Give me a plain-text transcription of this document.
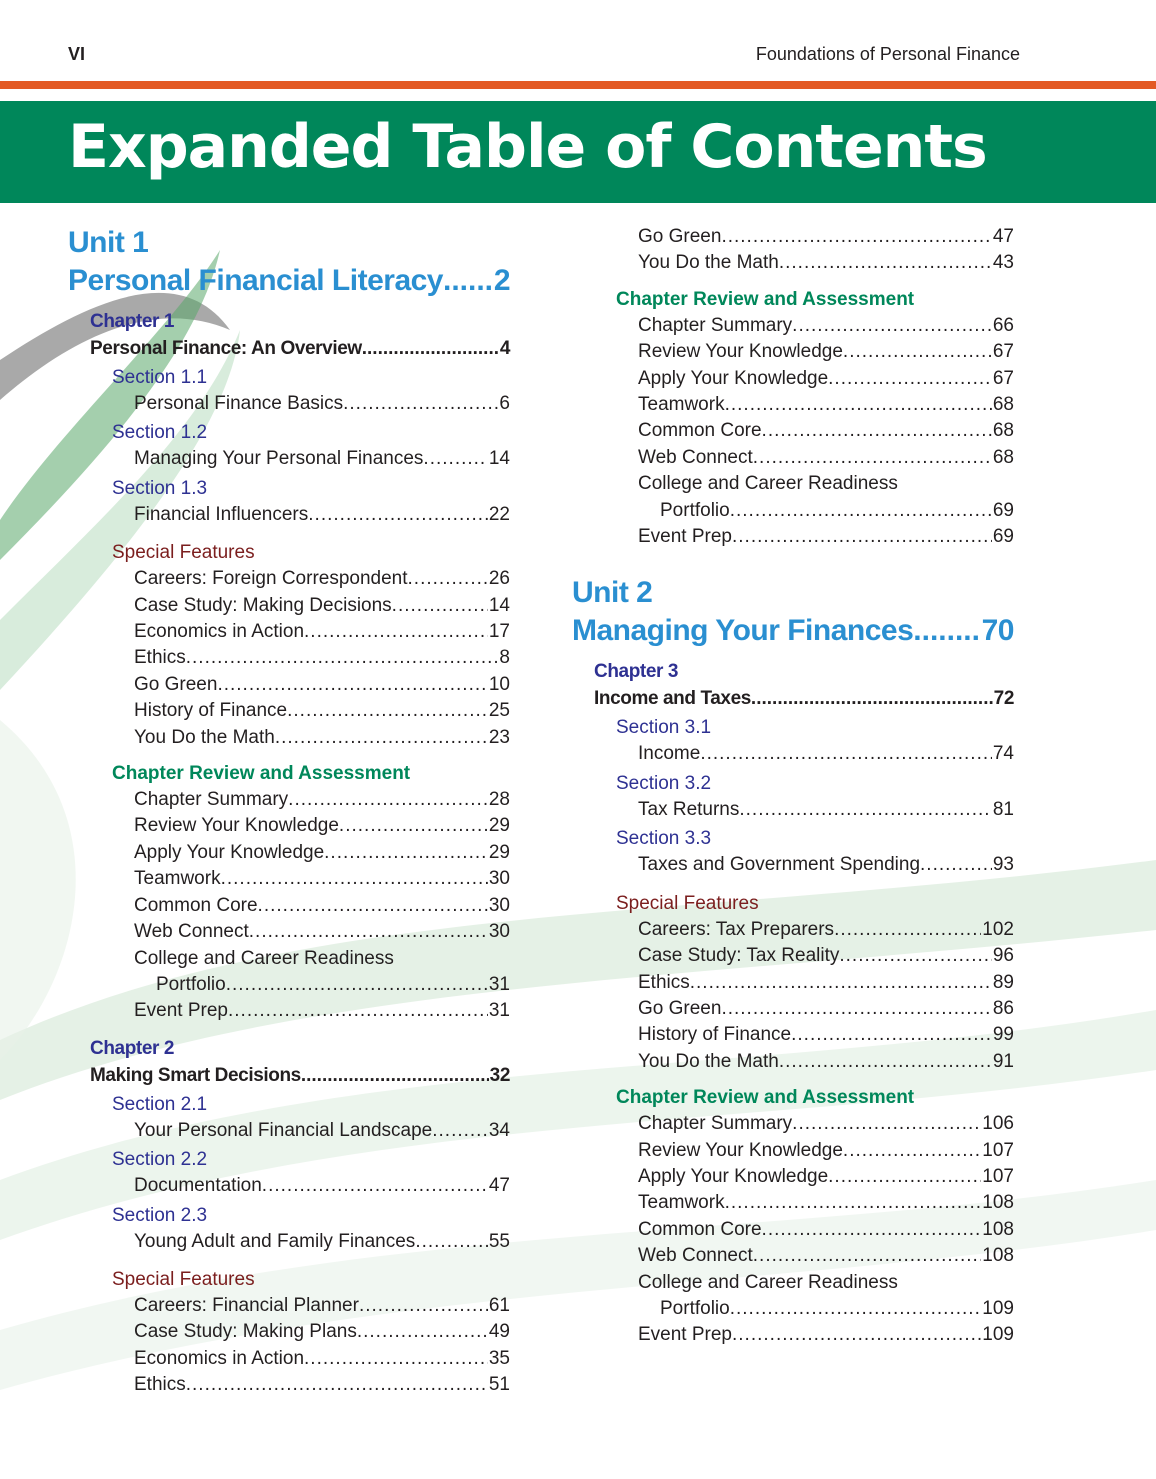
VI	Foundations of Personal Finance
Expanded Table of Contents
Unit 1
Personal Financial Literacy ..... 2
Chapter 1
Personal Finance: An Overview .....	4
Section 1.1
Personal Finance Basics .....	6
Section 1.2
Managing Your Personal Finances .....	14
Section 1.3
Financial Influencers .....	22
Special Features
Careers: Foreign Correspondent .....	26
Case Study: Making Decisions .....	14
Economics in Action .....	17
Ethics .....	8
Go Green .....	10
History of Finance .....	25
You Do the Math .....	23
Chapter Review and Assessment
Chapter Summary .....	28
Review Your Knowledge .....	29
Apply Your Knowledge .....	29
Teamwork .....	30
Common Core .....	30
Web Connect .....	30
College and Career Readiness
Portfolio .....	31
Event Prep .....	31
Chapter 2
Making Smart Decisions .....	32
Section 2.1
Your Personal Financial Landscape .....	34
Section 2.2
Documentation .....	47
Section 2.3
Young Adult and Family Finances .....	55
Special Features
Careers: Financial Planner .....	61
Case Study: Making Plans .....	49
Economics in Action .....	35
Ethics .....	51
Go Green .....	47
You Do the Math .....	43
Chapter Review and Assessment
Chapter Summary .....	66
Review Your Knowledge .....	67
Apply Your Knowledge .....	67
Teamwork .....	68
Common Core .....	68
Web Connect .....	68
College and Career Readiness
Portfolio .....	69
Event Prep .....	69
Unit 2
Managing Your Finances ..... 70
Chapter 3
Income and Taxes .....	72
Section 3.1
Income .....	74
Section 3.2
Tax Returns .....	81
Section 3.3
Taxes and Government Spending .....	93
Special Features
Careers: Tax Preparers .....	102
Case Study: Tax Reality .....	96
Ethics .....	89
Go Green .....	86
History of Finance .....	99
You Do the Math .....	91
Chapter Review and Assessment
Chapter Summary .....	106
Review Your Knowledge .....	107
Apply Your Knowledge .....	107
Teamwork .....	108
Common Core .....	108
Web Connect .....	108
College and Career Readiness
Portfolio .....	109
Event Prep .....	109
